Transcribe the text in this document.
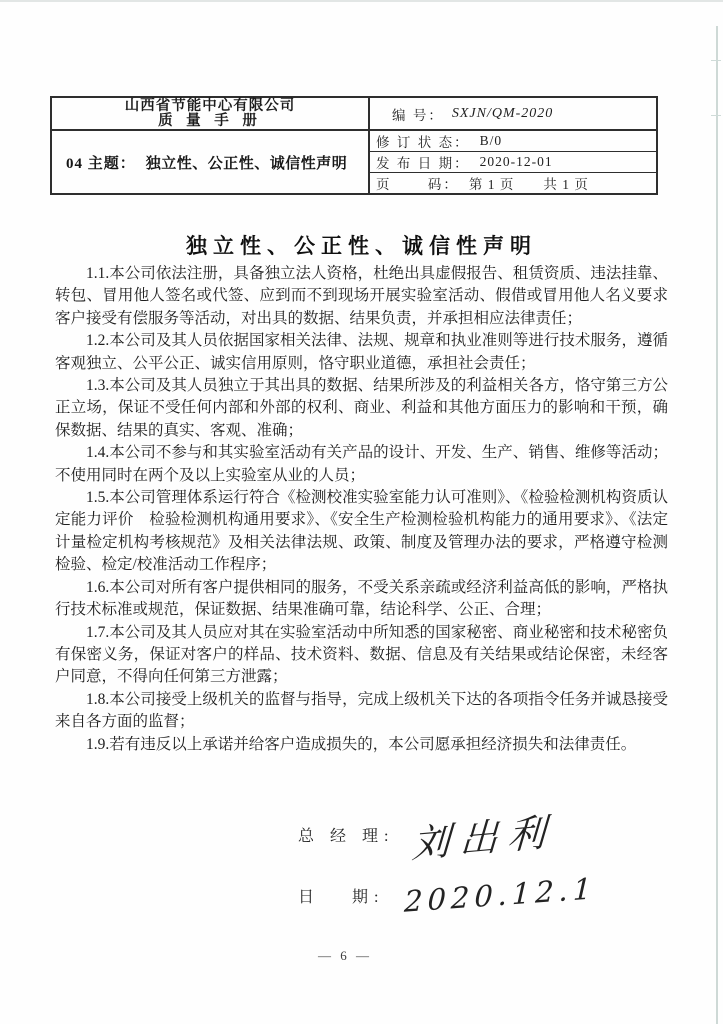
山西省节能中心有限公司
质 量 手 册	编 号： SXJN/QM-2020
04 主题： 独立性、公正性、诚信性声明
修 订 状 态： B/0
发 布 日 期： 2020-12-01
页　　 码： 第 1 页　　共 1 页
独立性、公正性、诚信性声明

1.1.本公司依法注册，具备独立法人资格，杜绝出具虚假报告、租赁资质、违法挂靠、转包、冒用他人签名或代签、应到而不到现场开展实验室活动、假借或冒用他人名义要求客户接受有偿服务等活动，对出具的数据、结果负责，并承担相应法律责任；

1.2.本公司及其人员依据国家相关法律、法规、规章和执业准则等进行技术服务，遵循客观独立、公平公正、诚实信用原则，恪守职业道德，承担社会责任；

1.3.本公司及其人员独立于其出具的数据、结果所涉及的利益相关各方，恪守第三方公正立场，保证不受任何内部和外部的权利、商业、利益和其他方面压力的影响和干预，确保数据、结果的真实、客观、准确；

1.4.本公司不参与和其实验室活动有关产品的设计、开发、生产、销售、维修等活动；不使用同时在两个及以上实验室从业的人员；

1.5.本公司管理体系运行符合《检测校准实验室能力认可准则》、《检验检测机构资质认定能力评价　检验检测机构通用要求》、《安全生产检测检验机构能力的通用要求》、《法定计量检定机构考核规范》及相关法律法规、政策、制度及管理办法的要求，严格遵守检测检验、检定/校准活动工作程序；

1.6.本公司对所有客户提供相同的服务，不受关系亲疏或经济利益高低的影响，严格执行技术标准或规范，保证数据、结果准确可靠，结论科学、公正、合理；

1.7.本公司及其人员应对其在实验室活动中所知悉的国家秘密、商业秘密和技术秘密负有保密义务，保证对客户的样品、技术资料、数据、信息及有关结果或结论保密，未经客户同意，不得向任何第三方泄露；

1.8.本公司接受上级机关的监督与指导，完成上级机关下达的各项指令任务并诚恳接受来自各方面的监督；

1.9.若有违反以上承诺并给客户造成损失的，本公司愿承担经济损失和法律责任。

总 经 理: 刘出利
日　 期: 2020.12.1
— 6 —
